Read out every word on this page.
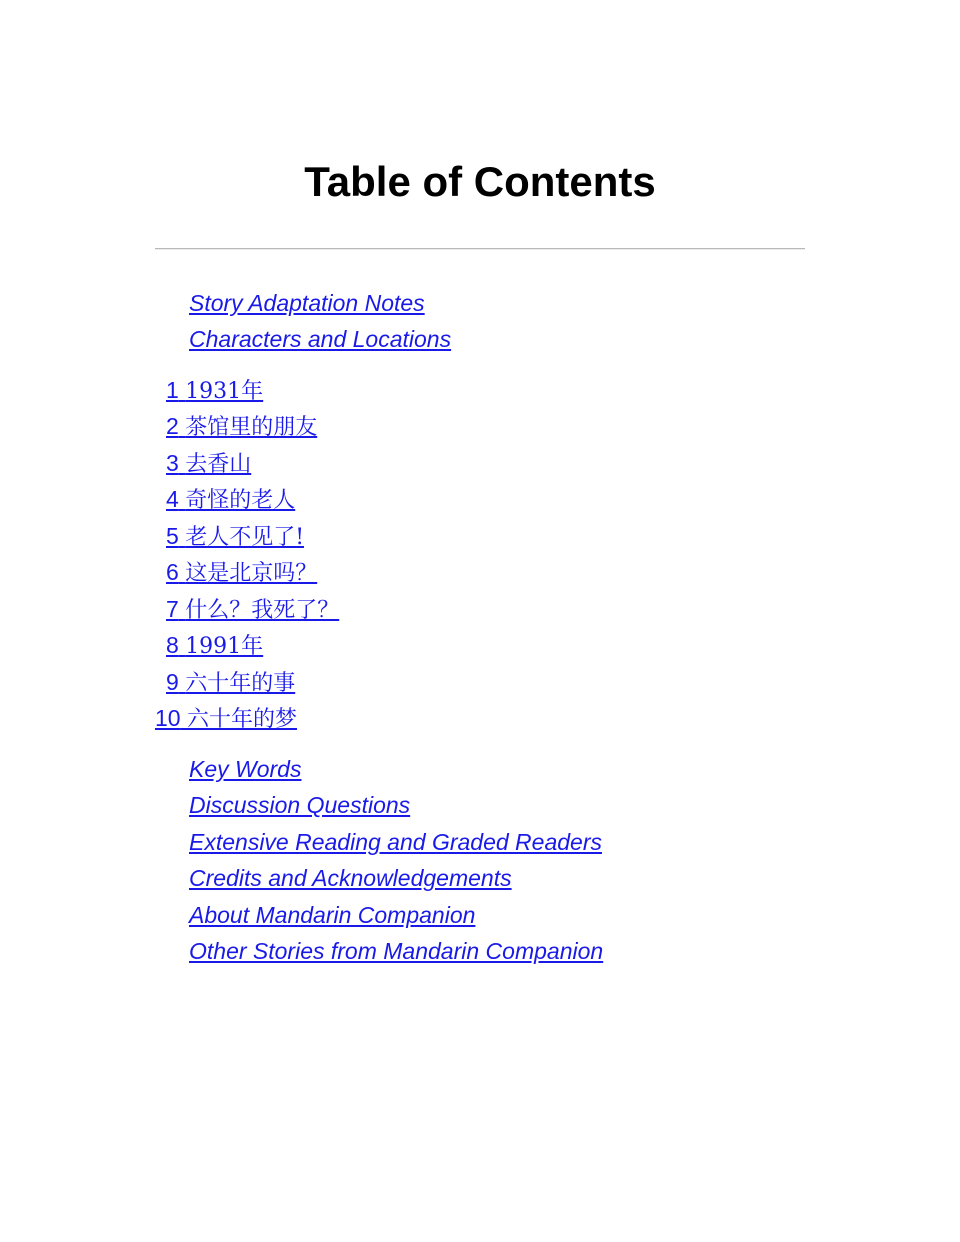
Table of Contents
Story Adaptation Notes
Characters and Locations
1 1931年
2 茶馆里的朋友
3 去香山
4 奇怪的老人
5 老人不见了!
6 这是北京吗？
7 什么？我死了？
8 1991年
9 六十年的事
10 六十年的梦
Key Words
Discussion Questions
Extensive Reading and Graded Readers
Credits and Acknowledgements
About Mandarin Companion
Other Stories from Mandarin Companion
